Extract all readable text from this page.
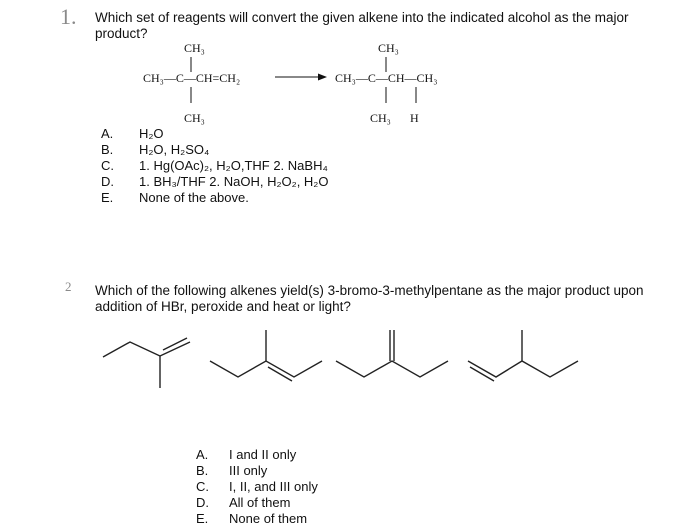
1. Which set of reagents will convert the given alkene into the indicated alcohol as the major
product?
CH₃
CH₃—C—CH=CH₂
CH₃
CH₃
CH₃—C—CH—CH₃
CH₃ H
A. H₂O
B. H₂O, H₂SO₄
C. 1. Hg(OAc)₂, H₂O,THF 2. NaBH₄
D. 1. BH₃/THF 2. NaOH, H₂O₂, H₂O
E. None of the above.
2 Which of the following alkenes yield(s) 3-bromo-3-methylpentane as the major product upon
addition of HBr, peroxide and heat or light?
A. I and II only
B. III only
C. I, II, and III only
D. All of them
E. None of them
